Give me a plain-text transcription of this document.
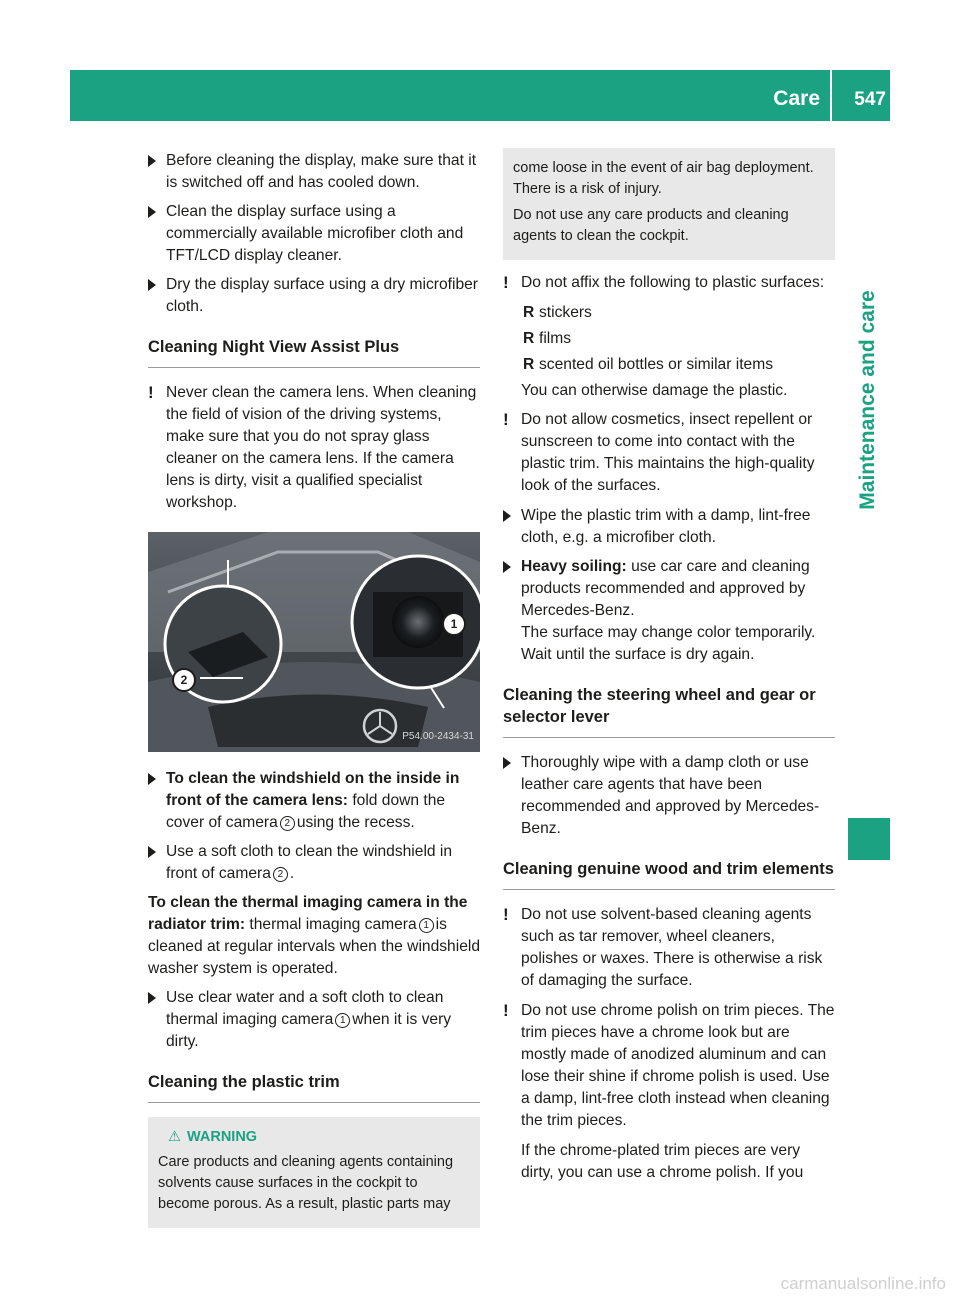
Care 547
Maintenance and care
Before cleaning the display, make sure that it is switched off and has cooled down.
Clean the display surface using a commercially available microfiber cloth and TFT/LCD display cleaner.
Dry the display surface using a dry microfiber cloth.
Cleaning Night View Assist Plus
! Never clean the camera lens. When cleaning the field of vision of the driving systems, make sure that you do not spray glass cleaner on the camera lens. If the camera lens is dirty, visit a qualified specialist workshop.
1
2
P54.00-2434-31
To clean the windshield on the inside in front of the camera lens: fold down the cover of camera 2 using the recess.
Use a soft cloth to clean the windshield in front of camera 2 .
To clean the thermal imaging camera in the radiator trim: thermal imaging camera 1 is cleaned at regular intervals when the windshield washer system is operated.
Use clear water and a soft cloth to clean thermal imaging camera 1 when it is very dirty.
Cleaning the plastic trim
⚠ WARNING

Care products and cleaning agents containing solvents cause surfaces in the cockpit to become porous. As a result, plastic parts may

come loose in the event of air bag deployment. There is a risk of injury.

Do not use any care products and cleaning agents to clean the cockpit.

! Do not affix the following to plastic surfaces:
R stickers
R films
R scented oil bottles or similar items
You can otherwise damage the plastic.
! Do not allow cosmetics, insect repellent or sunscreen to come into contact with the plastic trim. This maintains the high-quality look of the surfaces.
Wipe the plastic trim with a damp, lint-free cloth, e.g. a microfiber cloth.
Heavy soiling: use car care and cleaning products recommended and approved by Mercedes-Benz.
The surface may change color temporarily. Wait until the surface is dry again.
Cleaning the steering wheel and gear or selector lever
Thoroughly wipe with a damp cloth or use leather care agents that have been recommended and approved by Mercedes-Benz.
Cleaning genuine wood and trim elements
! Do not use solvent-based cleaning agents such as tar remover, wheel cleaners, polishes or waxes. There is otherwise a risk of damaging the surface.
! Do not use chrome polish on trim pieces. The trim pieces have a chrome look but are mostly made of anodized aluminum and can lose their shine if chrome polish is used. Use a damp, lint-free cloth instead when cleaning the trim pieces.
If the chrome-plated trim pieces are very dirty, you can use a chrome polish. If you
carmanualsonline.info
